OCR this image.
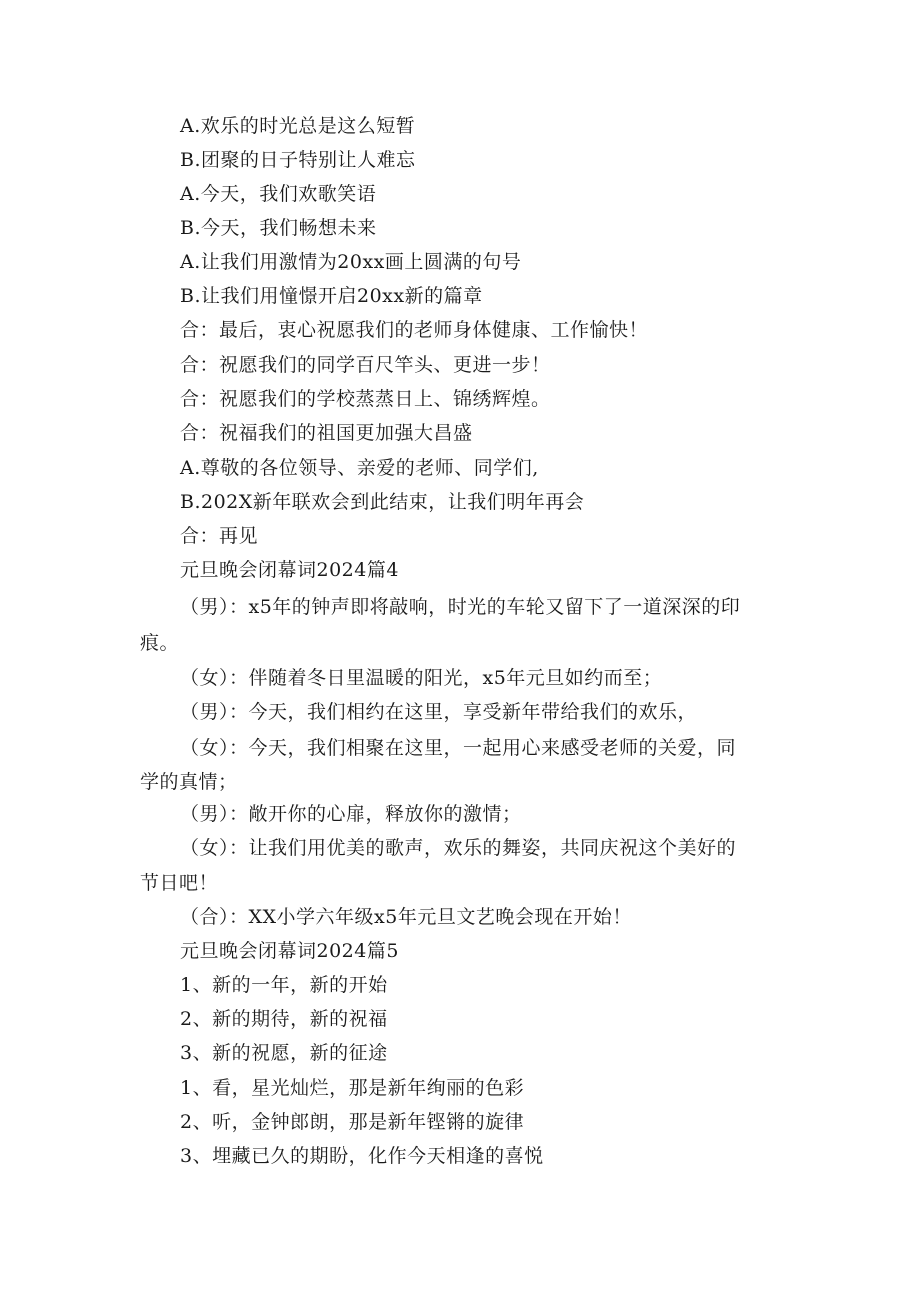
A.欢乐的时光总是这么短暂
B.团聚的日子特别让人难忘
A.今天，我们欢歌笑语
B.今天，我们畅想未来
A.让我们用激情为20xx画上圆满的句号
B.让我们用憧憬开启20xx新的篇章
合：最后，衷心祝愿我们的老师身体健康、工作愉快！
合：祝愿我们的同学百尺竿头、更进一步！
合：祝愿我们的学校蒸蒸日上、锦绣辉煌。
合：祝福我们的祖国更加强大昌盛
A.尊敬的各位领导、亲爱的老师、同学们,
B.202X新年联欢会到此结束，让我们明年再会
合：再见
元旦晚会闭幕词2024篇4
（男）：x5年的钟声即将敲响，时光的车轮又留下了一道深深的印
痕。
（女）：伴随着冬日里温暖的阳光，x5年元旦如约而至；
（男）：今天，我们相约在这里，享受新年带给我们的欢乐，
（女）：今天，我们相聚在这里，一起用心来感受老师的关爱，同
学的真情；
（男）：敞开你的心扉，释放你的激情；
（女）：让我们用优美的歌声，欢乐的舞姿，共同庆祝这个美好的
节日吧！
（合）：XX小学六年级x5年元旦文艺晚会现在开始！
元旦晚会闭幕词2024篇5
1、新的一年，新的开始
2、新的期待，新的祝福
3、新的祝愿，新的征途
1、看，星光灿烂，那是新年绚丽的色彩
2、听，金钟郎朗，那是新年铿锵的旋律
3、埋藏已久的期盼，化作今天相逢的喜悦
